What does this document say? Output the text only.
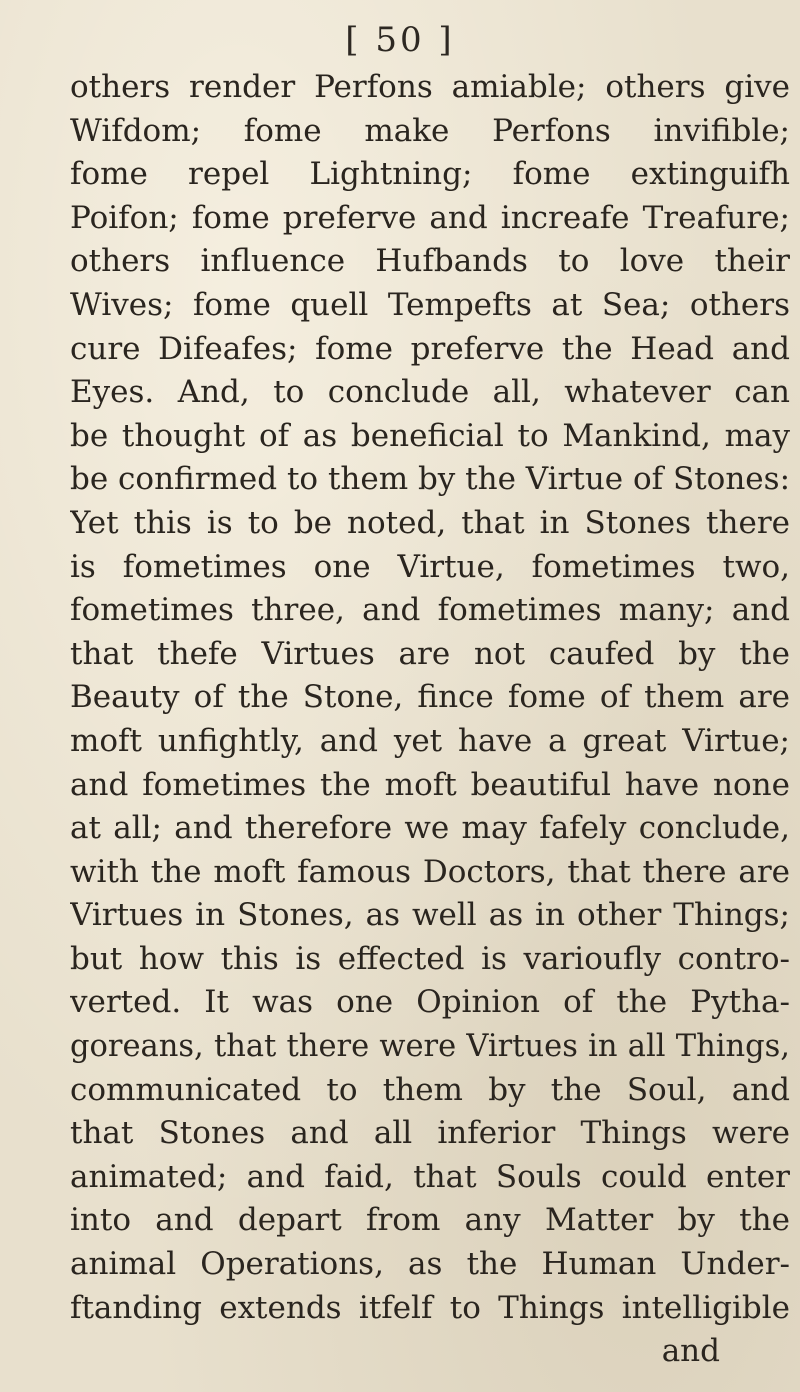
[ 50 ]
others render Perfons amiable; others give
Wifdom; fome make Perfons invifible;
fome repel Lightning; fome extinguifh
Poifon; fome preferve and increafe Treafure;
others influence Hufbands to love their
Wives; fome quell Tempefts at Sea; others
cure Difeafes; fome preferve the Head and
Eyes. And, to conclude all, whatever can
be thought of as beneficial to Mankind, may
be confirmed to them by the Virtue of Stones:
Yet this is to be noted, that in Stones there
is fometimes one Virtue, fometimes two,
fometimes three, and fometimes many; and
that thefe Virtues are not caufed by the
Beauty of the Stone, fince fome of them are
moft unfightly, and yet have a great Virtue;
and fometimes the moft beautiful have none
at all; and therefore we may fafely conclude,
with the moft famous Doctors, that there are
Virtues in Stones, as well as in other Things;
but how this is effected is varioufly contro-
verted. It was one Opinion of the Pytha-
goreans, that there were Virtues in all Things,
communicated to them by the Soul, and
that Stones and all inferior Things were
animated; and faid, that Souls could enter
into and depart from any Matter by the
animal Operations, as the Human Under-
ftanding extends itfelf to Things intelligible
and
